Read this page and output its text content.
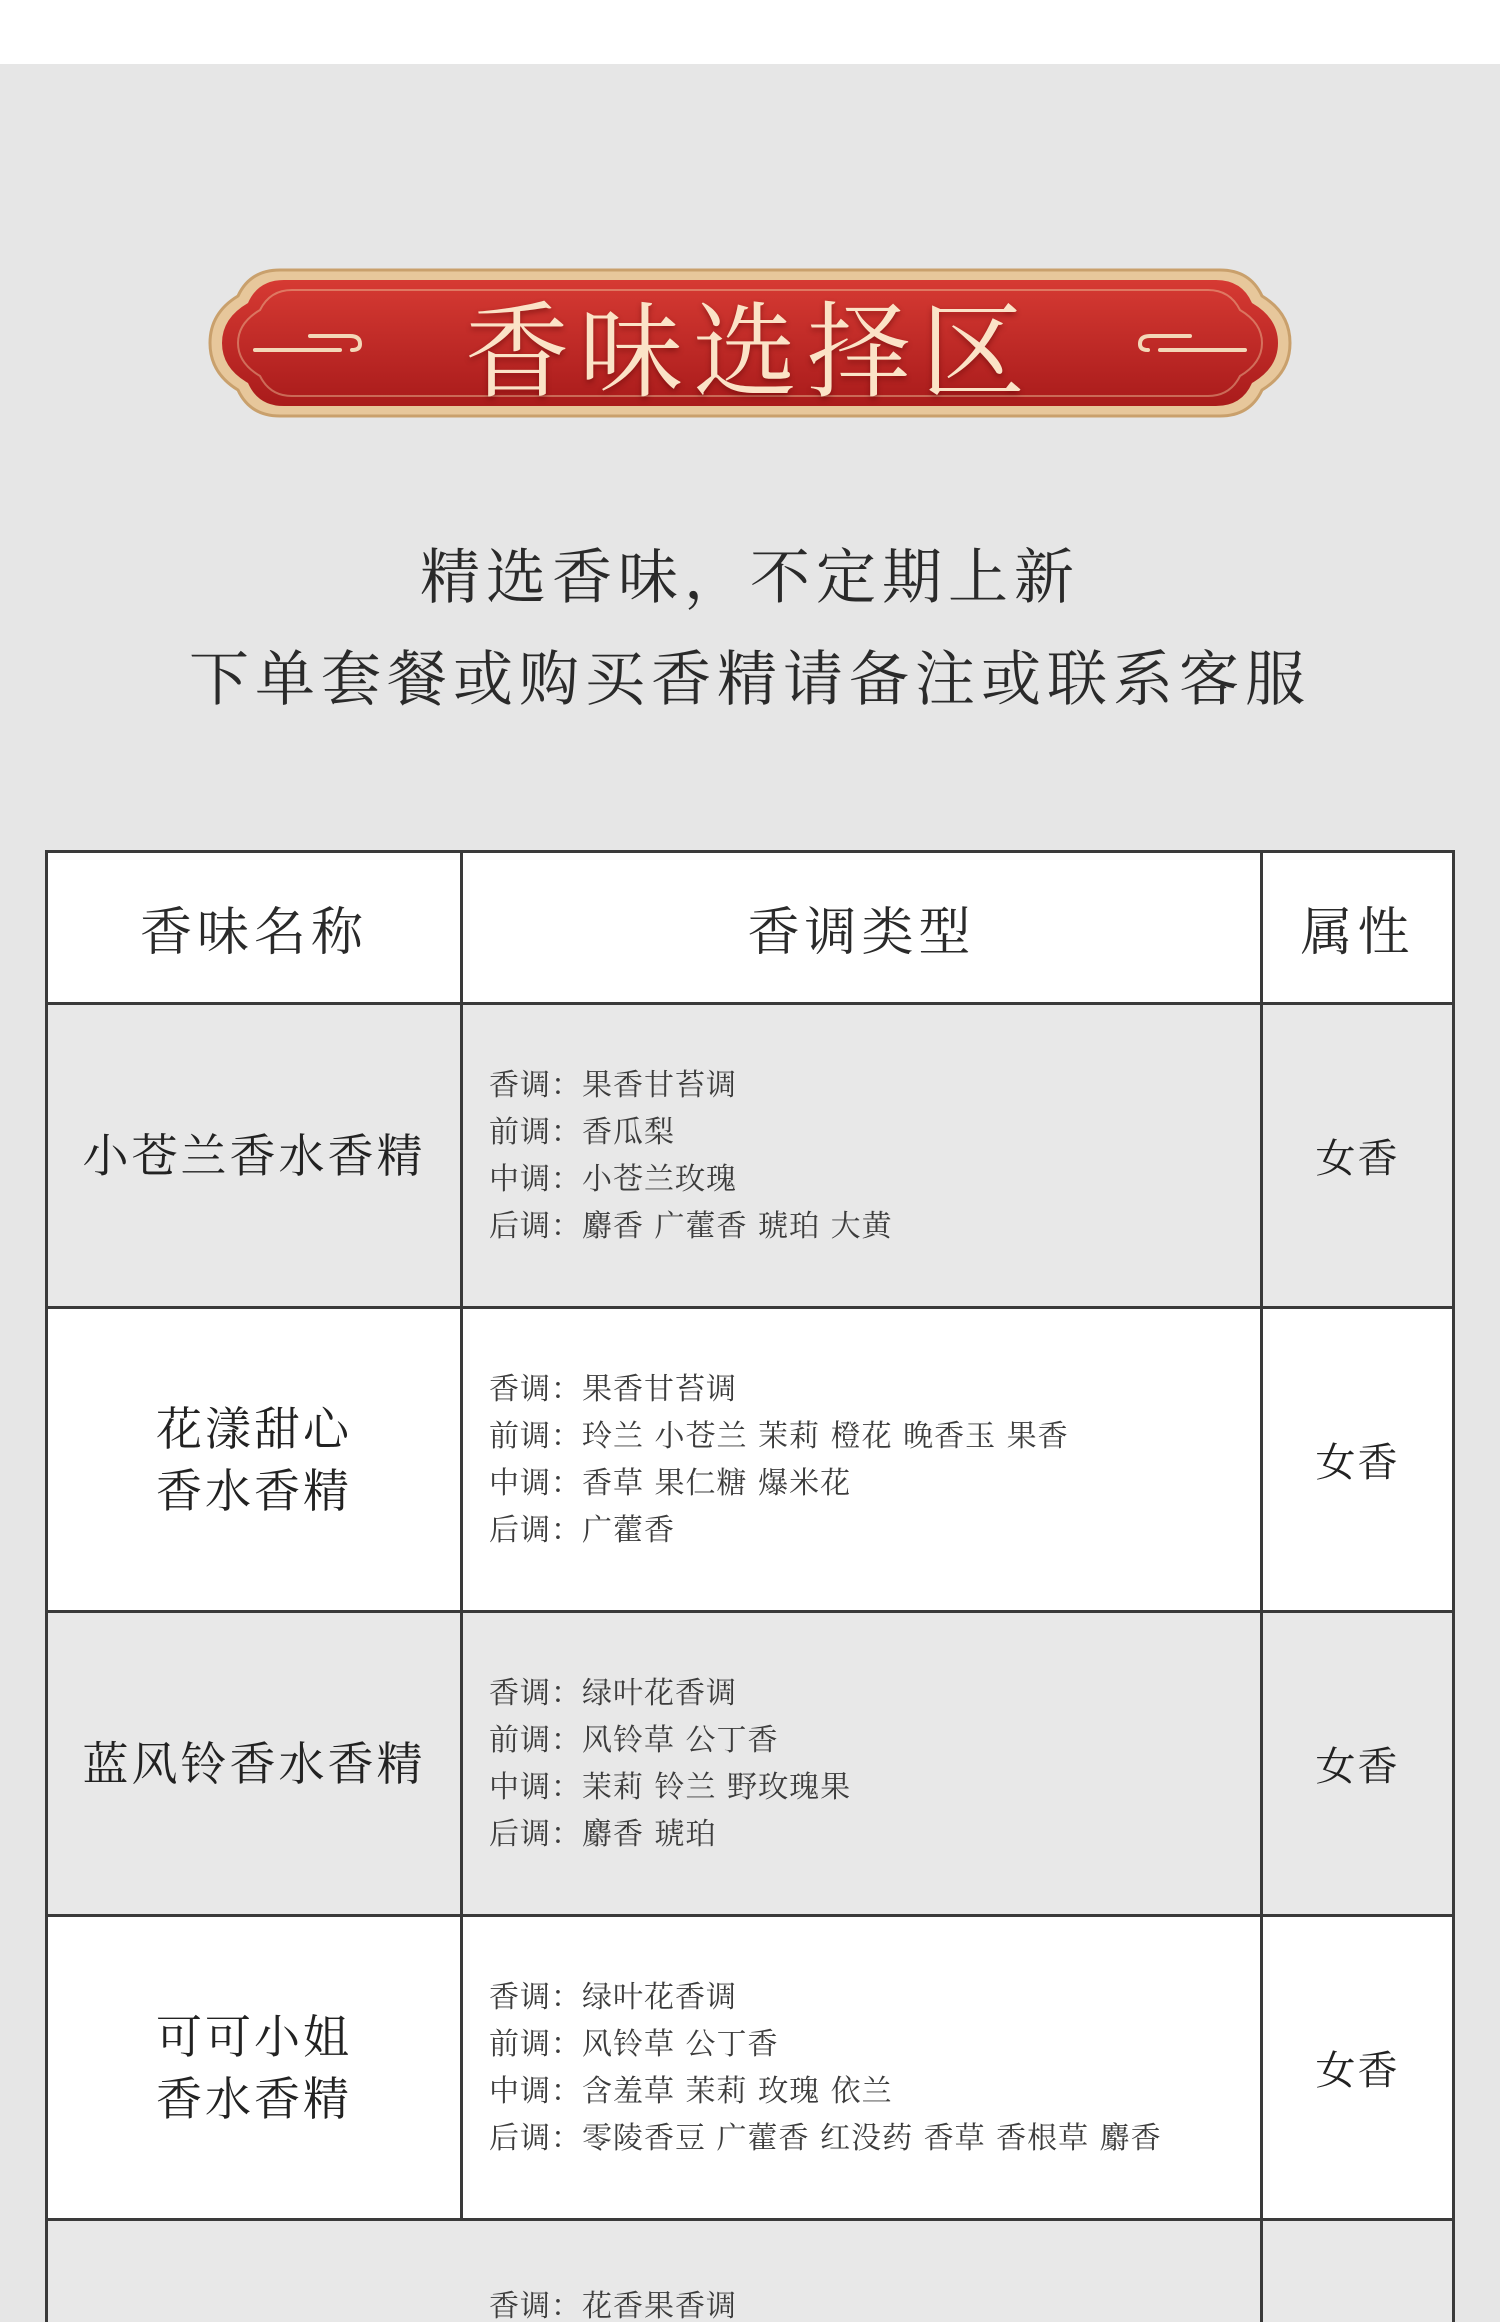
香味选择区
精选香味，不定期上新
下单套餐或购买香精请备注或联系客服
香味名称	香调类型	属性
小苍兰香水香精
香调：果香甘苔调
前调：香瓜梨
中调：小苍兰玫瑰
后调：麝香 广藿香 琥珀 大黄
女香
花漾甜心
香水香精
香调：果香甘苔调
前调：玲兰 小苍兰 茉莉 橙花 晚香玉 果香
中调：香草 果仁糖 爆米花
后调：广藿香
女香
蓝风铃香水香精
香调：绿叶花香调
前调：风铃草 公丁香
中调：茉莉 铃兰 野玫瑰果
后调：麝香 琥珀
女香
可可小姐
香水香精
香调：绿叶花香调
前调：风铃草 公丁香
中调：含羞草 茉莉 玫瑰 依兰
后调：零陵香豆 广藿香 红没药 香草 香根草 麝香
女香
香调：花香果香调
